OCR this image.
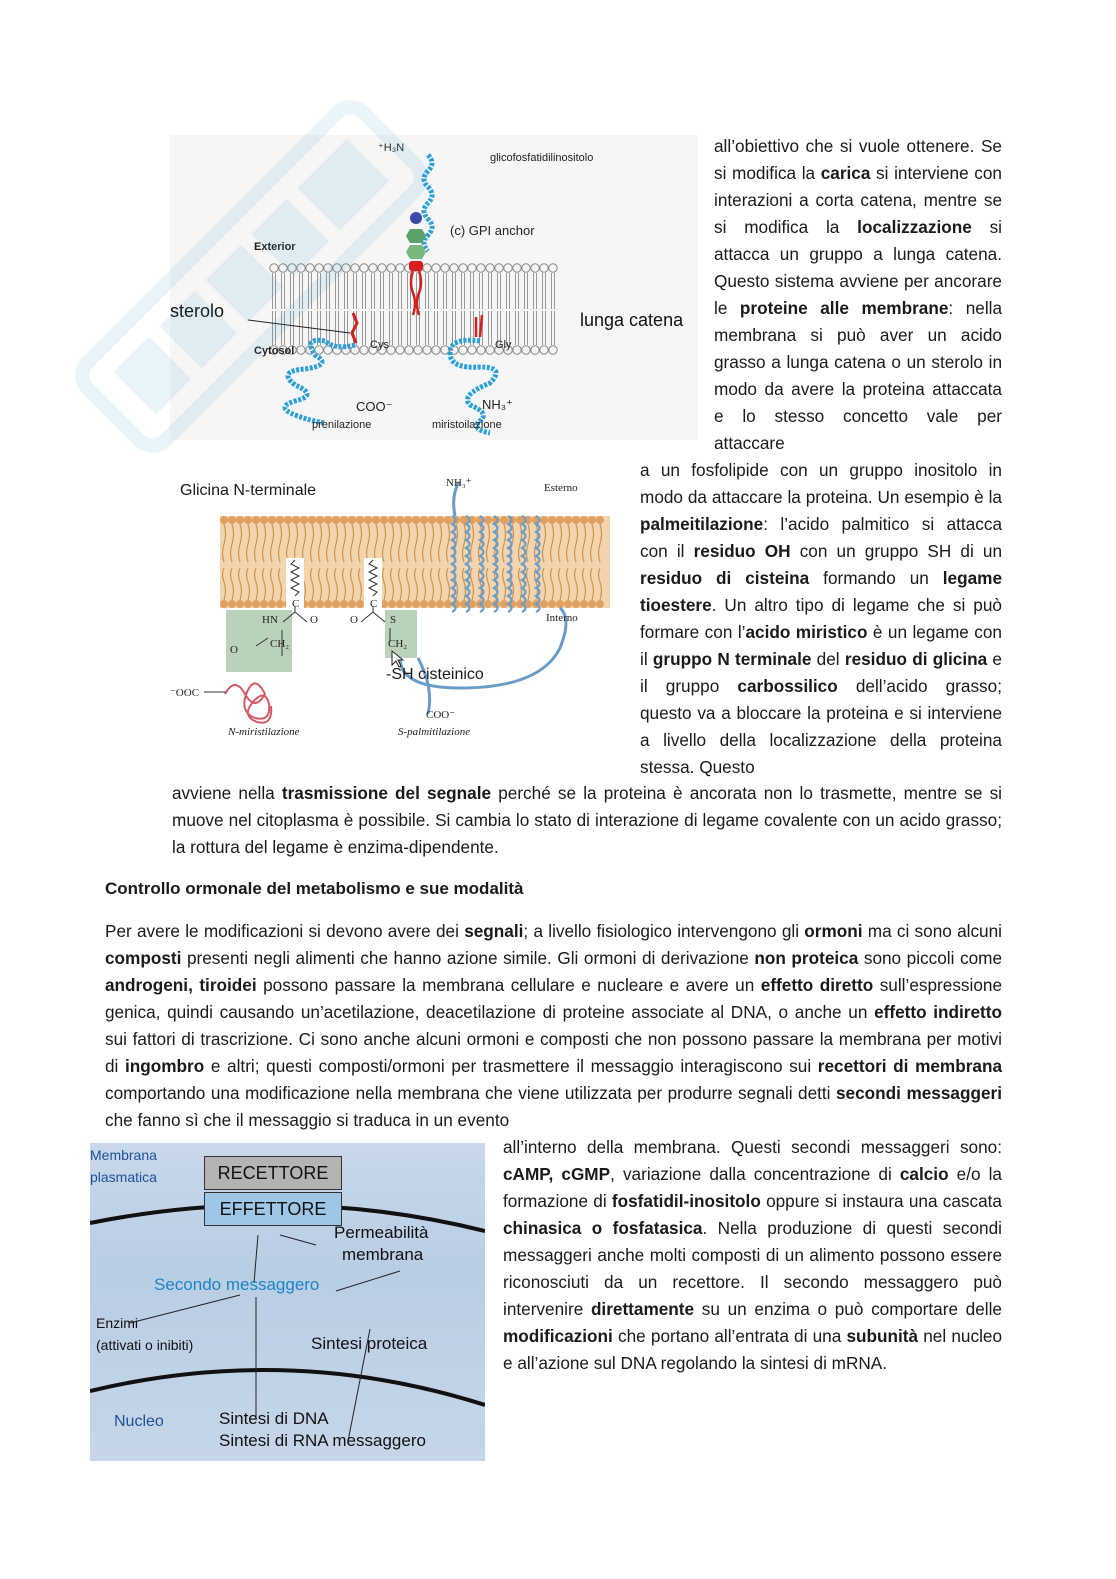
⁺H₃N
glicofosfatidilinositolo
(c) GPI anchor
Exterior
sterolo
Cytosol	Cys	Gly
lunga catena
COO⁻	NH₃⁺
prenilazione	miristoilazione
Glicina N-terminale	NH₃⁺	Esterno
Interno
HN
CH₂
O
C
O
C
S
CH₂
O
⁻OOC
-SH cisteinico
COO⁻
N-miristilazione	S-palmitilazione
all’obiettivo che si vuole ottenere. Se si modifica la carica si interviene con interazioni a corta catena, mentre se si modifica la localizzazione si attacca un gruppo a lunga catena. Questo sistema avviene per ancorare le proteine alle membrane: nella membrana si può aver un acido grasso a lunga catena o un sterolo in modo da avere la proteina attaccata e lo stesso concetto vale per attaccare
a un fosfolipide con un gruppo inositolo in modo da attaccare la proteina. Un esempio è la palmeitilazione: l’acido palmitico si attacca con il residuo OH con un gruppo SH di un residuo di cisteina formando un legame tioestere. Un altro tipo di legame che si può formare con l’acido miristico è un legame con il gruppo N terminale del residuo di glicina e il gruppo carbossilico dell’acido grasso; questo va a bloccare la proteina e si interviene a livello della localizzazione della proteina stessa. Questo
avviene nella trasmissione del segnale perché se la proteina è ancorata non lo trasmette, mentre se si muove nel citoplasma è possibile. Si cambia lo stato di interazione di legame covalente con un acido grasso; la rottura del legame è enzima-dipendente.
Controllo ormonale del metabolismo e sue modalità
Per avere le modificazioni si devono avere dei segnali; a livello fisiologico intervengono gli ormoni ma ci sono alcuni composti presenti negli alimenti che hanno azione simile. Gli ormoni di derivazione non proteica sono piccoli come androgeni, tiroidei possono passare la membrana cellulare e nucleare e avere un effetto diretto sull’espressione genica, quindi causando un’acetilazione, deacetilazione di proteine associate al DNA, o anche un effetto indiretto sui fattori di trascrizione. Ci sono anche alcuni ormoni e composti che non possono passare la membrana per motivi di ingombro e altri; questi composti/ormoni per trasmettere il messaggio interagiscono sui recettori di membrana comportando una modificazione nella membrana che viene utilizzata per produrre segnali detti secondi messaggeri che fanno sì che il messaggio si traduca in un evento
all’interno della membrana. Questi secondi messaggeri sono: cAMP, cGMP, variazione dalla concentrazione di calcio e/o la formazione di fosfatidil-inositolo oppure si instaura una cascata chinasica o fosfatasica. Nella produzione di questi secondi messaggeri anche molti composti di un alimento possono essere riconosciuti da un recettore. Il secondo messaggero può intervenire direttamente su un enzima o può comportare delle modificazioni che portano all’entrata di una subunità nel nucleo e all’azione sul DNA regolando la sintesi di mRNA.
Membrana
plasmatica	RECETTORE
EFFETTORE
Permeabilità
membrana
Secondo messaggero
Enzimi
(attivati o inibiti)	Sintesi proteica
Nucleo	Sintesi di DNA
Sintesi di RNA messaggero
